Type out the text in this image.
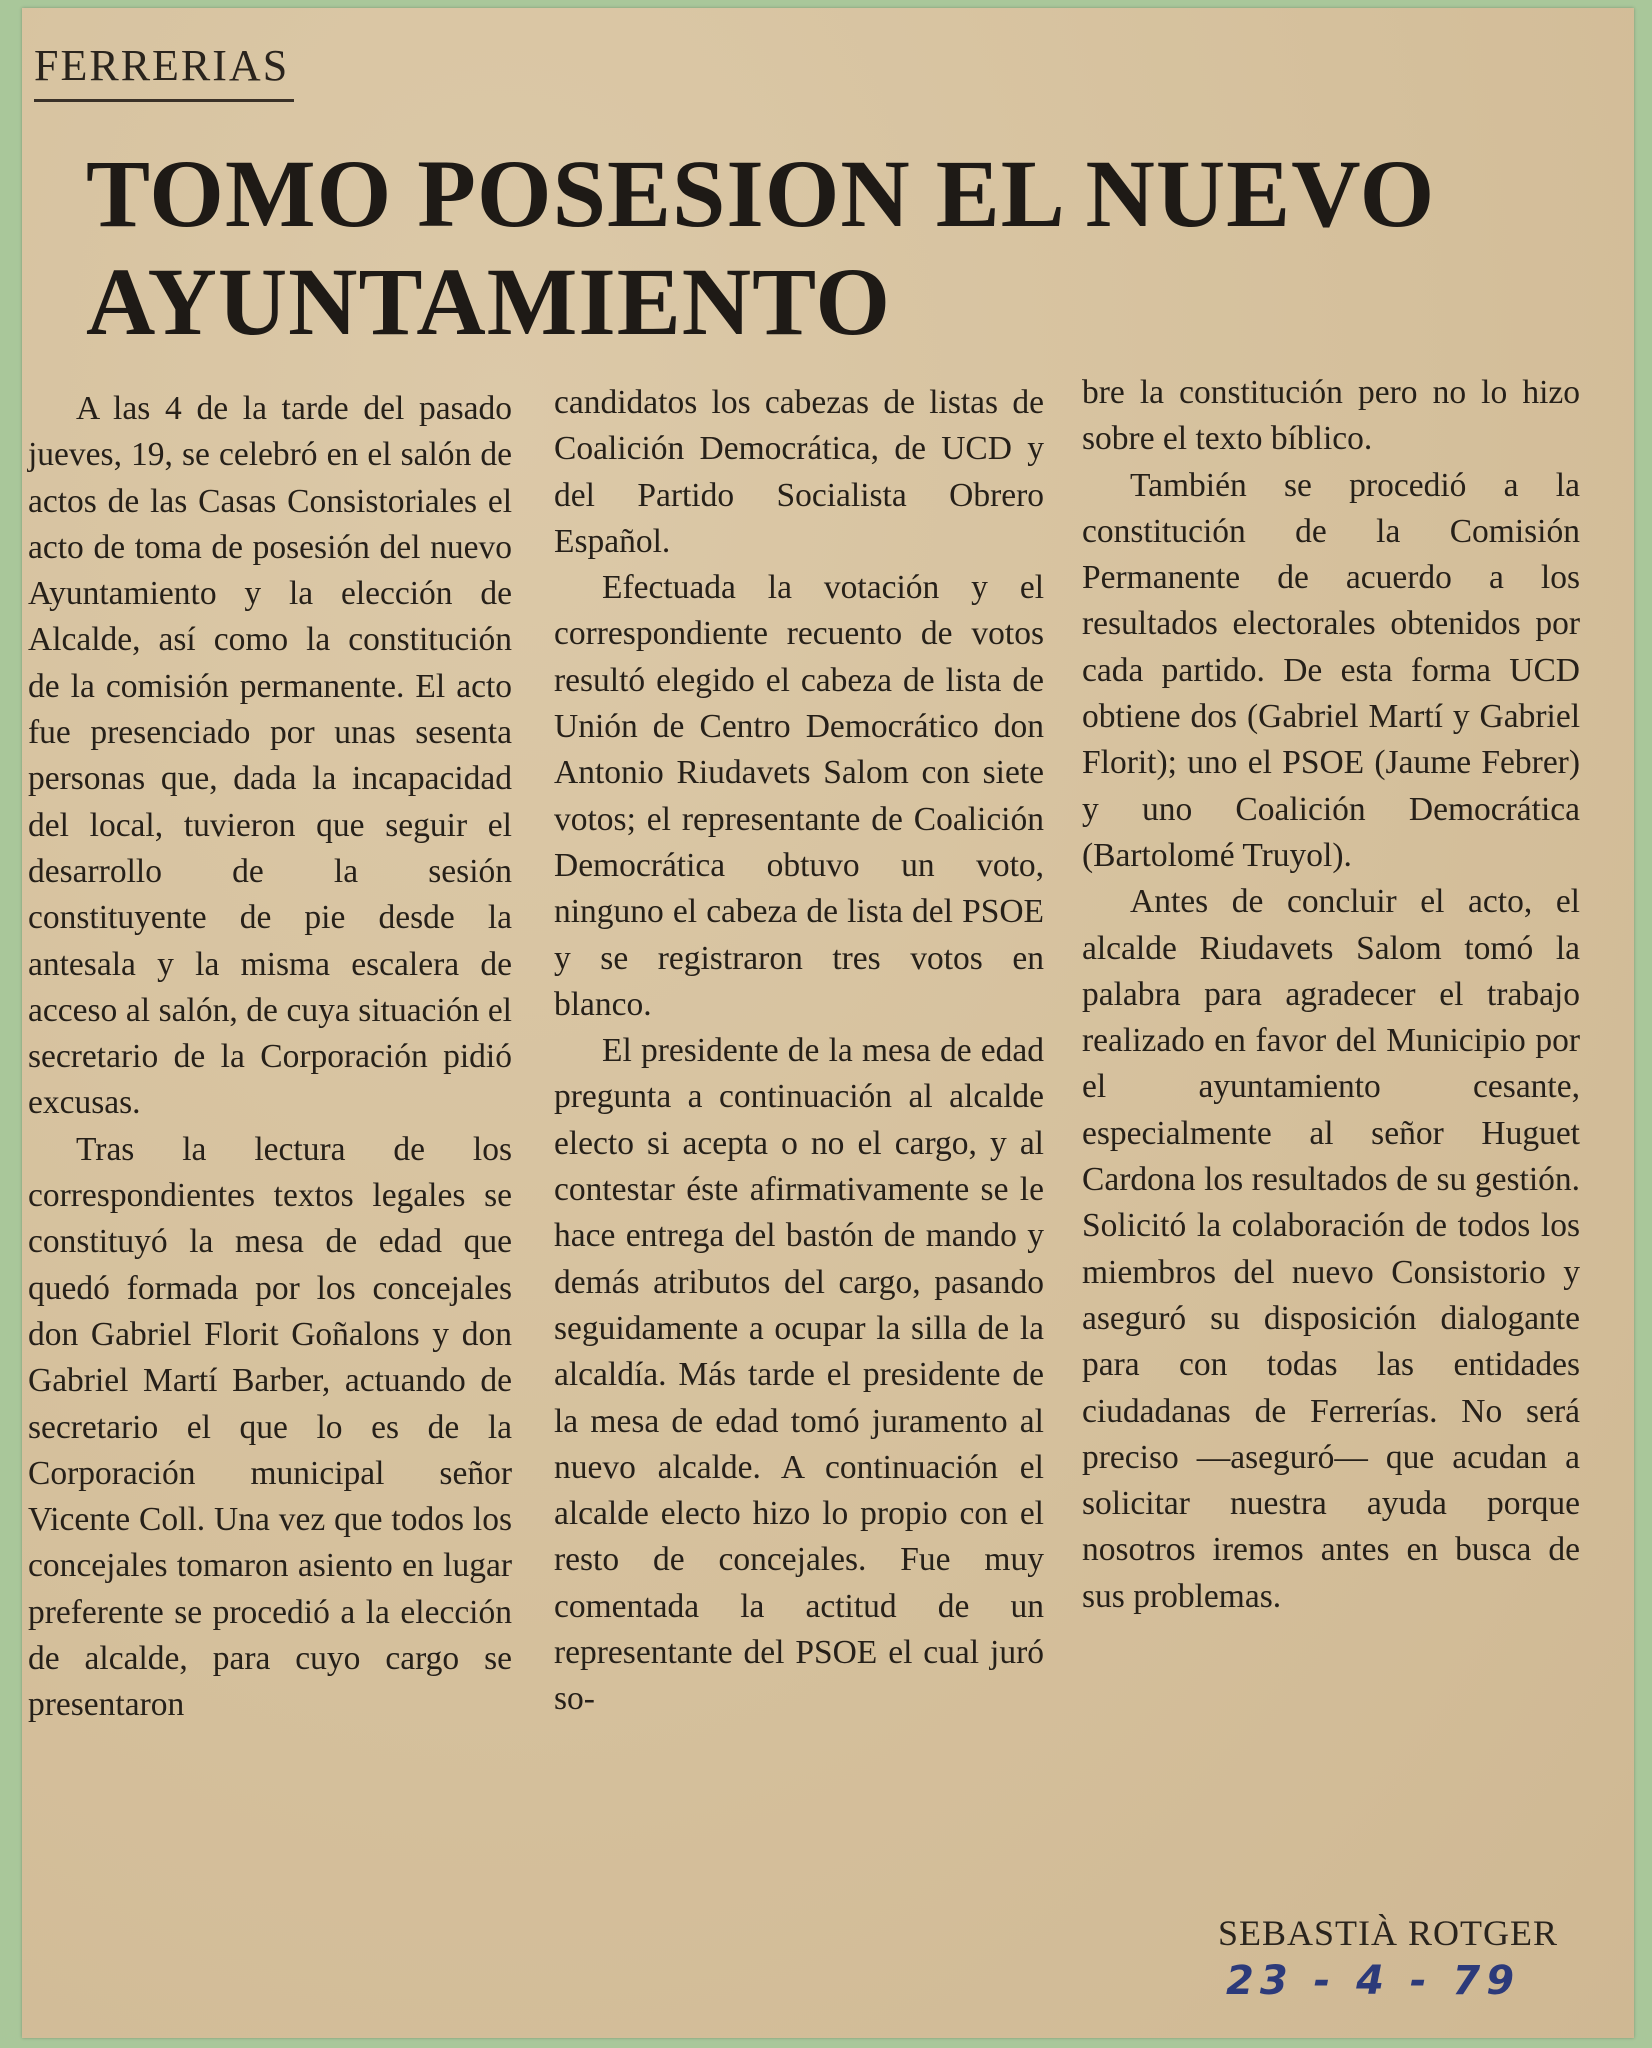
FERRERIAS
TOMO POSESION EL NUEVO
AYUNTAMIENTO

A las 4 de la tarde del pasado jueves, 19, se celebró en el salón de actos de las Casas Consistoriales el acto de toma de posesión del nuevo Ayuntamiento y la elección de Alcalde, así como la constitución de la comisión permanente. El acto fue presenciado por unas sesenta personas que, dada la incapacidad del local, tuvieron que seguir el desarrollo de la sesión constituyente de pie desde la antesala y la misma escalera de acceso al salón, de cuya situación el secretario de la Corporación pidió excusas.

Tras la lectura de los correspondientes textos legales se constituyó la mesa de edad que quedó formada por los concejales don Gabriel Florit Goñalons y don Gabriel Martí Barber, actuando de secretario el que lo es de la Corporación municipal señor Vicente Coll. Una vez que todos los concejales tomaron asiento en lugar preferente se procedió a la elección de alcalde, para cuyo cargo se presentaron

candidatos los cabezas de listas de Coalición Democrática, de UCD y del Partido Socialista Obrero Español.

Efectuada la votación y el correspondiente recuento de votos resultó elegido el cabeza de lista de Unión de Centro Democrático don Antonio Riudavets Salom con siete votos; el representante de Coalición Democrática obtuvo un voto, ninguno el cabeza de lista del PSOE y se registraron tres votos en blanco.

El presidente de la mesa de edad pregunta a continuación al alcalde electo si acepta o no el cargo, y al contestar éste afirmativamente se le hace entrega del bastón de mando y demás atributos del cargo, pasando seguidamente a ocupar la silla de la alcaldía. Más tarde el presidente de la mesa de edad tomó juramento al nuevo alcalde. A continuación el alcalde electo hizo lo propio con el resto de concejales. Fue muy comentada la actitud de un representante del PSOE el cual juró so-

bre la constitución pero no lo hizo sobre el texto bíblico.

También se procedió a la constitución de la Comisión Permanente de acuerdo a los resultados electorales obtenidos por cada partido. De esta forma UCD obtiene dos (Gabriel Martí y Gabriel Florit); uno el PSOE (Jaume Febrer) y uno Coalición Democrática (Bartolomé Truyol).

Antes de concluir el acto, el alcalde Riudavets Salom tomó la palabra para agradecer el trabajo realizado en favor del Municipio por el ayuntamiento cesante, especialmente al señor Huguet Cardona los resultados de su gestión. Solicitó la colaboración de todos los miembros del nuevo Consistorio y aseguró su disposición dialogante para con todas las entidades ciudadanas de Ferrerías. No será preciso —aseguró— que acudan a solicitar nuestra ayuda porque nosotros iremos antes en busca de sus problemas.

SEBASTIÀ ROTGER
23 - 4 - 79
